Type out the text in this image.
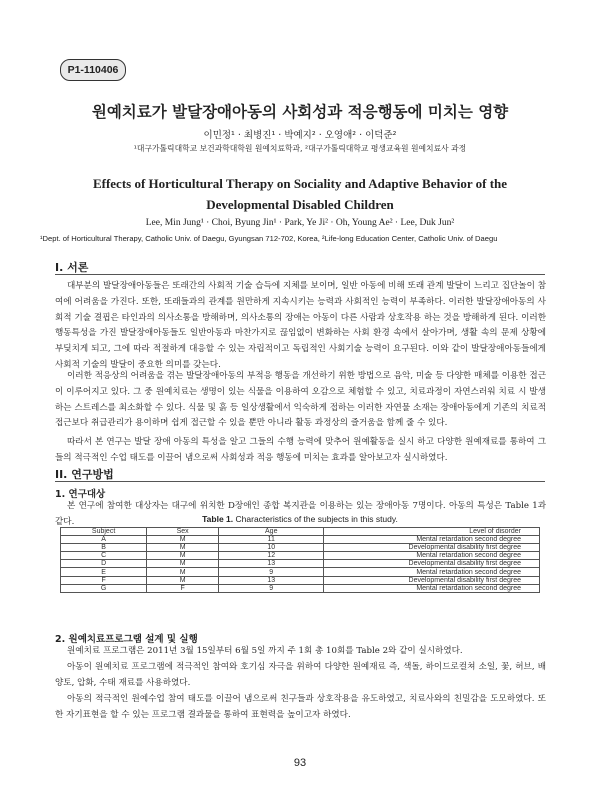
P1-110406
원예치료가 발달장애아동의 사회성과 적응행동에 미치는 영향
이민정¹ · 최병진¹ · 박예지² · 오영애² · 이덕준²
¹대구가톨릭대학교 보건과학대학원 원예치료학과, ²대구가톨릭대학교 평생교육원 원예치료사 과정
Effects of Horticultural Therapy on Sociality and Adaptive Behavior of the Developmental Disabled Children
Lee, Min Jung¹ · Choi, Byung Jin¹ · Park, Ye Ji² · Oh, Young Ae² · Lee, Duk Jun²
¹Dept. of Horticultural Therapy, Catholic Univ. of Daegu, Gyungsan 712-702, Korea, ²Life-long Education Center, Catholic Univ. of Daegu
I. 서론
대부분의 발달장애아동들은 또래간의 사회적 기술 습득에 지체를 보이며, 일반 아동에 비해 또래 관계 발달이 느리고 집단놀이 참여에 어려움을 가진다. 또한, 또래들과의 관계를 원만하게 지속시키는 능력과 사회적인 능력이 부족하다. 이러한 발달장애아동의 사회적 기술 결핍은 타인과의 의사소통을 방해하며, 의사소통의 장애는 아동이 다른 사람과 상호작용 하는 것을 방해하게 된다. 이러한 행동특성을 가진 발달장애아동들도 일반아동과 마찬가지로 끊임없이 변화하는 사회 환경 속에서 살아가며, 생활 속의 문제 상황에 부딪치게 되고, 그에 따라 적절하게 대응할 수 있는 자립적이고 독립적인 사회기술 능력이 요구된다. 이와 같이 발달장애아동들에게 사회적 기술의 발달이 중요한 의미를 갖는다.
이러한 적응상의 어려움을 겪는 발달장애아동의 부적응 행동을 개선하기 위한 방법으로 음악, 미술 등 다양한 매체를 이용한 접근이 이루어지고 있다. 그 중 원예치료는 생명이 있는 식물을 이용하여 오감으로 체험할 수 있고, 치료과정이 자연스러워 치료 시 발생하는 스트레스를 최소화할 수 있다. 식물 및 흙 등 일상생활에서 익숙하게 접하는 이러한 자연물 소재는 장애아동에게 기존의 치료적 접근보다 취급관리가 용이하며 쉽게 접근할 수 있을 뿐만 아니라 활동 과정상의 즐거움을 함께 줄 수 있다.
따라서 본 연구는 발달 장애 아동의 특성을 알고 그들의 수행 능력에 맞추어 원예활동을 실시 하고 다양한 원예재료를 통하여 그들의 적극적인 수업 태도를 이끌어 냄으로써 사회성과 적응 행동에 미치는 효과를 알아보고자 실시하였다.
II. 연구방법
1. 연구대상
본 연구에 참여한 대상자는 대구에 위치한 D장애인 종합 복지관을 이용하는 있는 장애아동 7명이다. 아동의 특성은 Table 1과 같다.	Table 1. Characteristics of the subjects in this study.
Subject	Sex	Age	Level of disorder
A	M	11	Mental retardation second degree
B	M	10	Developmental disability first degree
C	M	12	Mental retardation second degree
D	M	13	Developmental disability first degree
E	M	9	Mental retardation second degree
F	M	13	Developmental disability first degree
G	F	9	Mental retardation second degree
2. 원예치료프로그램 설계 및 실행
원예치료 프로그램은 2011년 3월 15일부터 6월 5일 까지 주 1회 총 10회를 Table 2와 같이 실시하였다.
아동이 원예치료 프로그램에 적극적인 참여와 호기심 자극을 위하여 다양한 원예재료 즉, 색돌, 하이드로컬쳐 소일, 꽃, 허브, 배양토, 압화, 수태 재료를 사용하였다.
아동의 적극적인 원예수업 참여 태도를 이끌어 냄으로써 친구들과 상호작용을 유도하였고, 치료사와의 친밀감을 도모하였다. 또한 자기표현을 할 수 있는 프로그램 결과물을 통하여 표현력을 높이고자 하였다.
93
